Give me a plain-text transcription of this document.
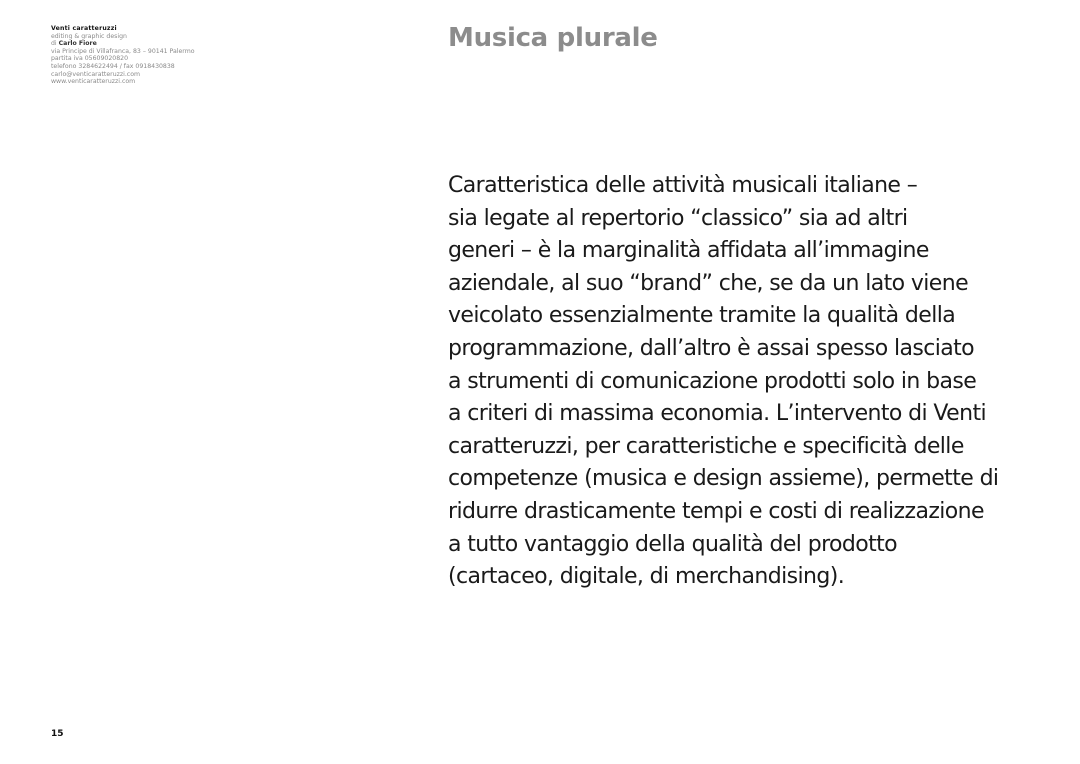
Venti caratteruzzi
editing & graphic design
di Carlo Fiore
via Principe di Villafranca, 83 – 90141 Palermo
partita iva 05609020820
telefono 3284622494 / fax 0918430838
carlo@venticaratteruzzi.com
www.venticaratteruzzi.com
Musica plurale

Caratteristica delle attività musicali italiane –
sia legate al repertorio “classico” sia ad altri
generi – è la marginalità affidata all’immagine
aziendale, al suo “brand” che, se da un lato viene
veicolato essenzialmente tramite la qualità della
programmazione, dall’altro è assai spesso lasciato
a strumenti di comunicazione prodotti solo in base
a criteri di massima economia. L’intervento di Venti
caratteruzzi, per caratteristiche e specificità delle
competenze (musica e design assieme), permette di
ridurre drasticamente tempi e costi di realizzazione
a tutto vantaggio della qualità del prodotto
(cartaceo, digitale, di merchandising).

15
